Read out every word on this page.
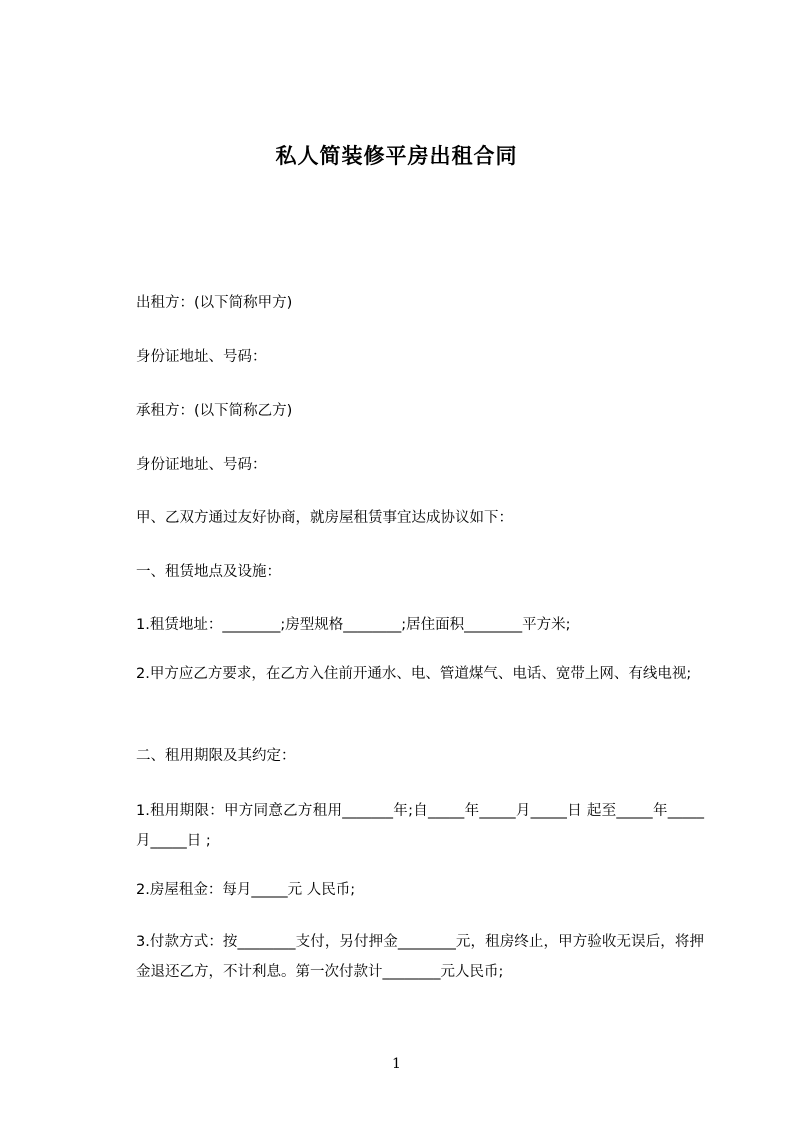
私人简装修平房出租合同
出租方：(以下简称甲方)
身份证地址、号码：
承租方：(以下简称乙方)
身份证地址、号码：
甲、乙双方通过友好协商，就房屋租赁事宜达成协议如下：
一、租赁地点及设施：
1.租赁地址：________;房型规格________;居住面积________平方米;
2.甲方应乙方要求，在乙方入住前开通水、电、管道煤气、电话、宽带上网、有线电视;
二、租用期限及其约定：
1.租用期限：甲方同意乙方租用_______年;自_____年_____月_____日 起至_____年_____月_____日 ;
2.房屋租金：每月_____元 人民币;
3.付款方式：按________支付，另付押金________元，租房终止，甲方验收无误后，将押金退还乙方，不计利息。第一次付款计________元人民币;
1
